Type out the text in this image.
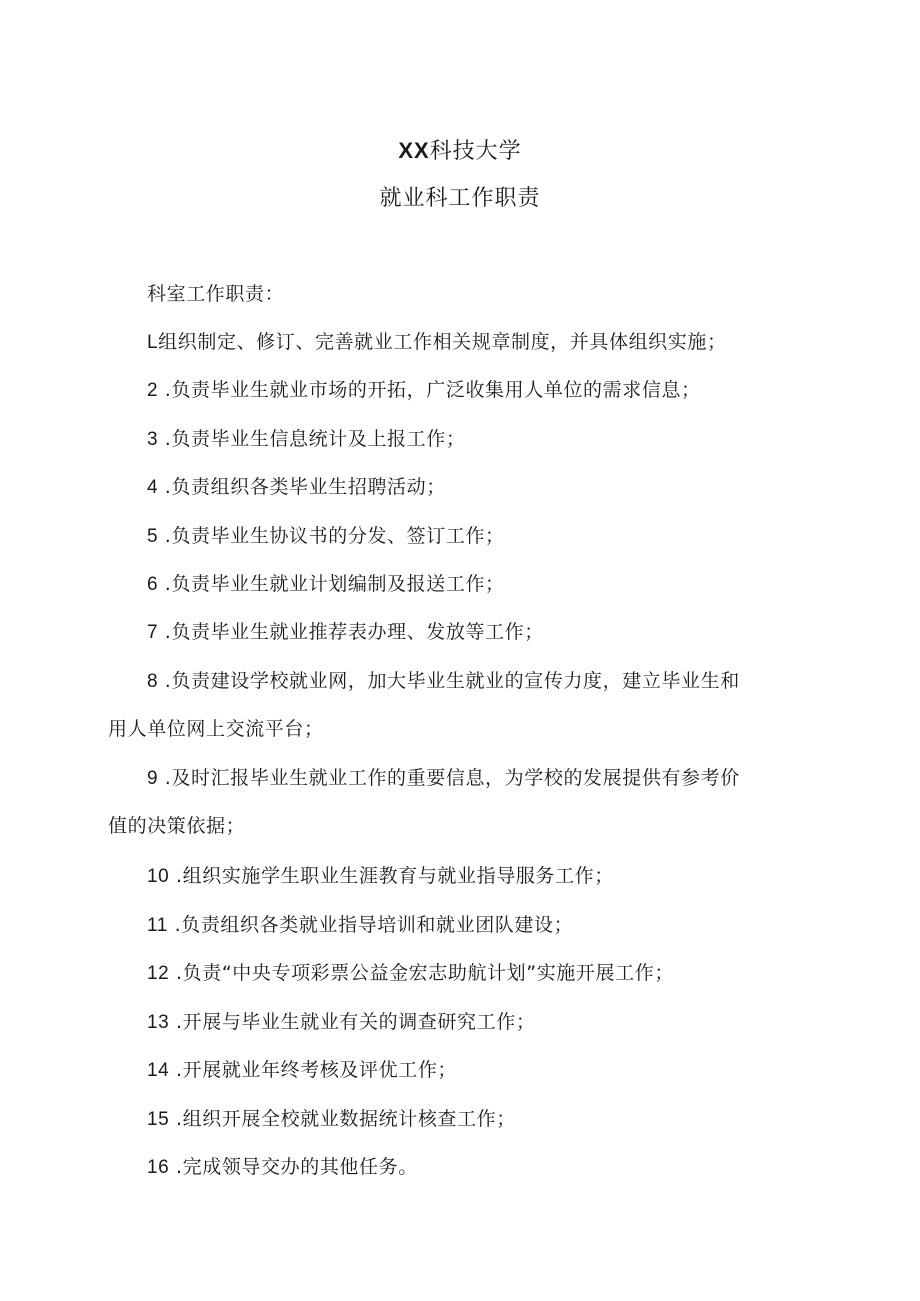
XX科技大学
就业科工作职责

科室工作职责：

L组织制定、修订、完善就业工作相关规章制度，并具体组织实施；

2 .负责毕业生就业市场的开拓，广泛收集用人单位的需求信息；

3 .负责毕业生信息统计及上报工作；

4 .负责组织各类毕业生招聘活动；

5 .负责毕业生协议书的分发、签订工作；

6 .负责毕业生就业计划编制及报送工作；

7 .负责毕业生就业推荐表办理、发放等工作；

8 .负责建设学校就业网，加大毕业生就业的宣传力度，建立毕业生和

用人单位网上交流平台；

9 .及时汇报毕业生就业工作的重要信息，为学校的发展提供有参考价

值的决策依据；

10 .组织实施学生职业生涯教育与就业指导服务工作；

11 .负责组织各类就业指导培训和就业团队建设；

12 .负责“中央专项彩票公益金宏志助航计划”实施开展工作；

13 .开展与毕业生就业有关的调查研究工作；

14 .开展就业年终考核及评优工作；

15 .组织开展全校就业数据统计核查工作；

16 .完成领导交办的其他任务。
